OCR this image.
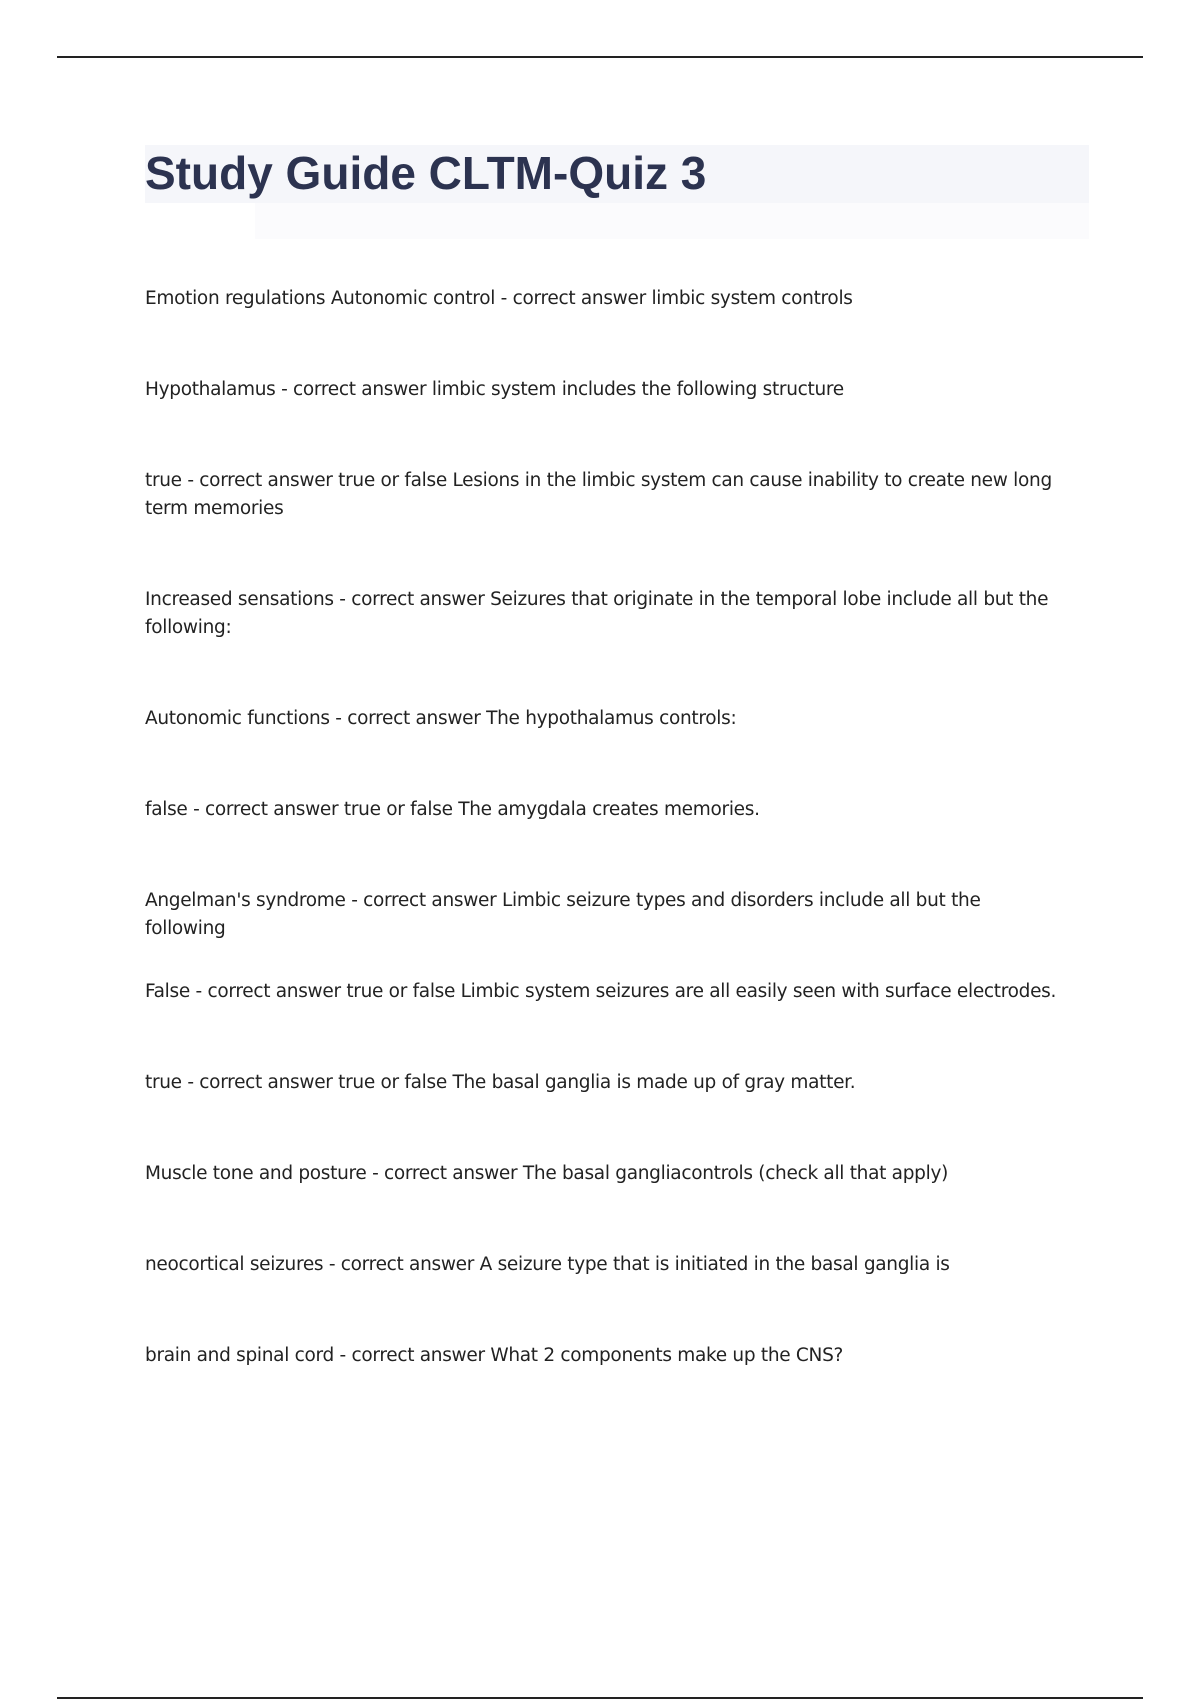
Study Guide CLTM-Quiz 3
Emotion regulations Autonomic control - correct answer limbic system controls
Hypothalamus - correct answer limbic system includes the following structure
true - correct answer true or false Lesions in the limbic system can cause inability to create new long term memories
Increased sensations - correct answer Seizures that originate in the temporal lobe include all but the following:
Autonomic functions - correct answer The hypothalamus controls:
false - correct answer true or false The amygdala creates memories.
Angelman's syndrome - correct answer Limbic seizure types and disorders include all but the following
False - correct answer true or false Limbic system seizures are all easily seen with surface electrodes.
true - correct answer true or false The basal ganglia is made up of gray matter.
Muscle tone and posture - correct answer The basal gangliacontrols (check all that apply)
neocortical seizures - correct answer A seizure type that is initiated in the basal ganglia is
brain and spinal cord - correct answer What 2 components make up the CNS?
